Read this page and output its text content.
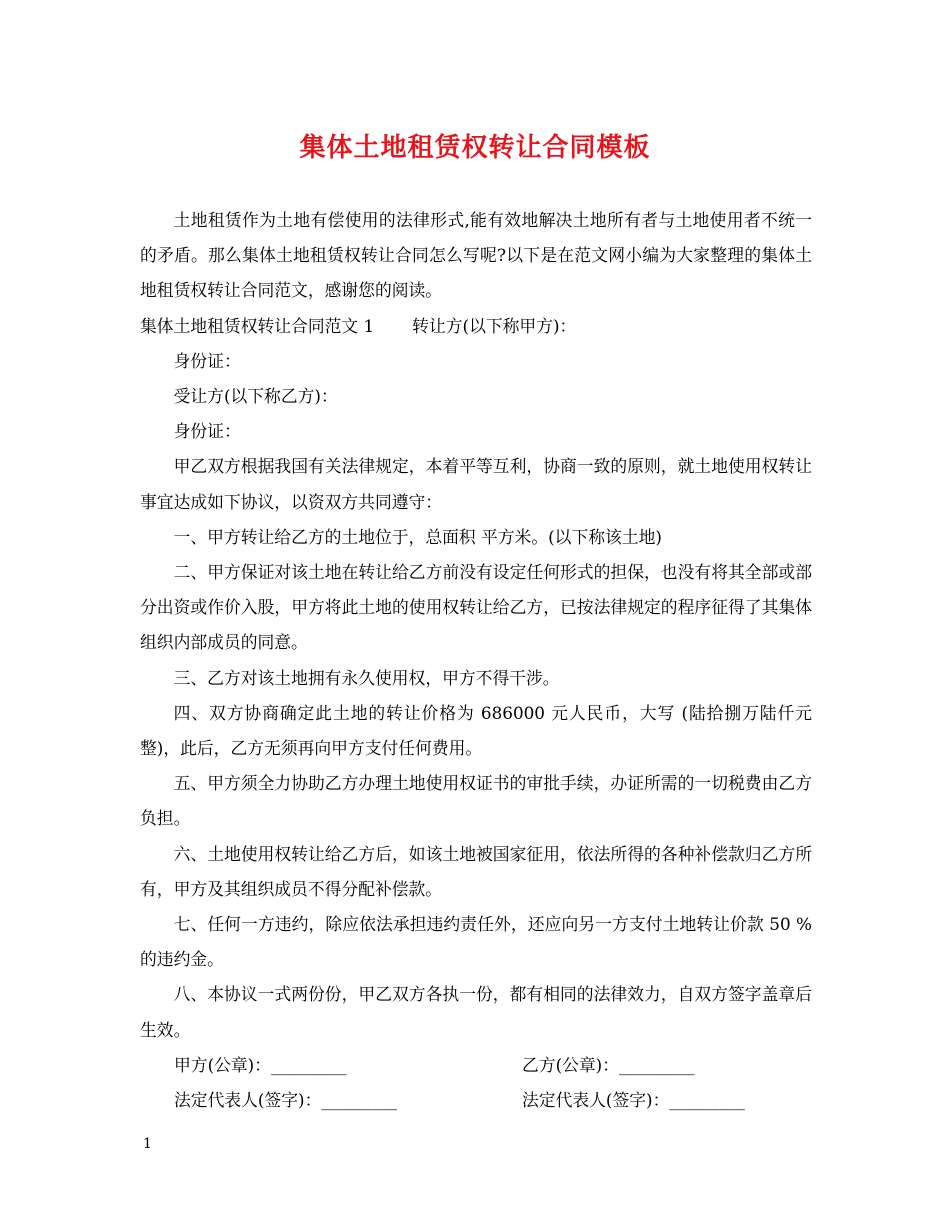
集体土地租赁权转让合同模板

土地租赁作为土地有偿使用的法律形式,能有效地解决土地所有者与土地使用者不统一的矛盾。那么集体土地租赁权转让合同怎么写呢?以下是在范文网小编为大家整理的集体土地租赁权转让合同范文，感谢您的阅读。

集体土地租赁权转让合同范文 1 转让方(以下称甲方)：

身份证：

受让方(以下称乙方)：

身份证：

甲乙双方根据我国有关法律规定，本着平等互利，协商一致的原则，就土地使用权转让事宜达成如下协议，以资双方共同遵守：

一、甲方转让给乙方的土地位于，总面积 平方米。(以下称该土地)

二、甲方保证对该土地在转让给乙方前没有设定任何形式的担保，也没有将其全部或部分出资或作价入股，甲方将此土地的使用权转让给乙方，已按法律规定的程序征得了其集体组织内部成员的同意。

三、乙方对该土地拥有永久使用权，甲方不得干涉。

四、双方协商确定此土地的转让价格为 686000 元人民币，大写 (陆拾捌万陆仟元整)，此后，乙方无须再向甲方支付任何费用。

五、甲方须全力协助乙方办理土地使用权证书的审批手续，办证所需的一切税费由乙方负担。

六、土地使用权转让给乙方后，如该土地被国家征用，依法所得的各种补偿款归乙方所有，甲方及其组织成员不得分配补偿款。

七、任何一方违约，除应依法承担违约责任外，还应向另一方支付土地转让价款 50 %的违约金。

八、本协议一式两份份，甲乙双方各执一份，都有相同的法律效力，自双方签字盖章后生效。

甲方(公章)：_________	乙方(公章)：_________
法定代表人(签字)：_________	法定代表人(签字)：_________
1
